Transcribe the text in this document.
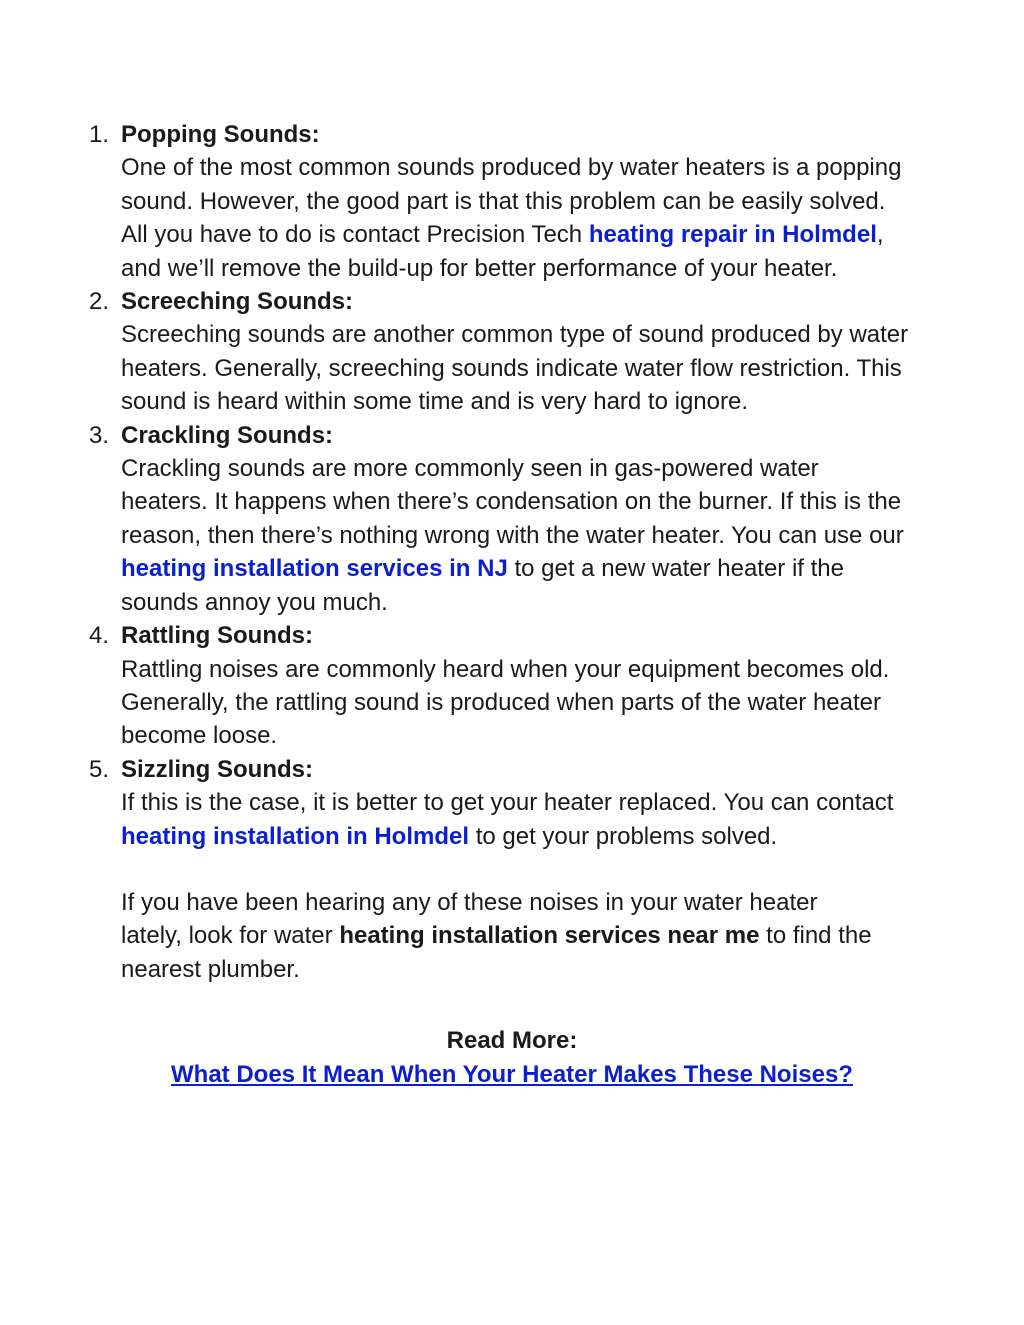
1. Popping Sounds:
One of the most common sounds produced by water heaters is a popping sound. However, the good part is that this problem can be easily solved. All you have to do is contact Precision Tech heating repair in Holmdel, and we’ll remove the build-up for better performance of your heater.
2. Screeching Sounds:
Screeching sounds are another common type of sound produced by water heaters. Generally, screeching sounds indicate water flow restriction. This sound is heard within some time and is very hard to ignore.
3. Crackling Sounds:
Crackling sounds are more commonly seen in gas-powered water heaters. It happens when there’s condensation on the burner. If this is the reason, then there’s nothing wrong with the water heater. You can use our heating installation services in NJ to get a new water heater if the sounds annoy you much.
4. Rattling Sounds:
Rattling noises are commonly heard when your equipment becomes old. Generally, the rattling sound is produced when parts of the water heater become loose.
5. Sizzling Sounds:
If this is the case, it is better to get your heater replaced. You can contact heating installation in Holmdel to get your problems solved.
If you have been hearing any of these noises in your water heater lately, look for water heating installation services near me to find the nearest plumber.
Read More:
What Does It Mean When Your Heater Makes These Noises?
